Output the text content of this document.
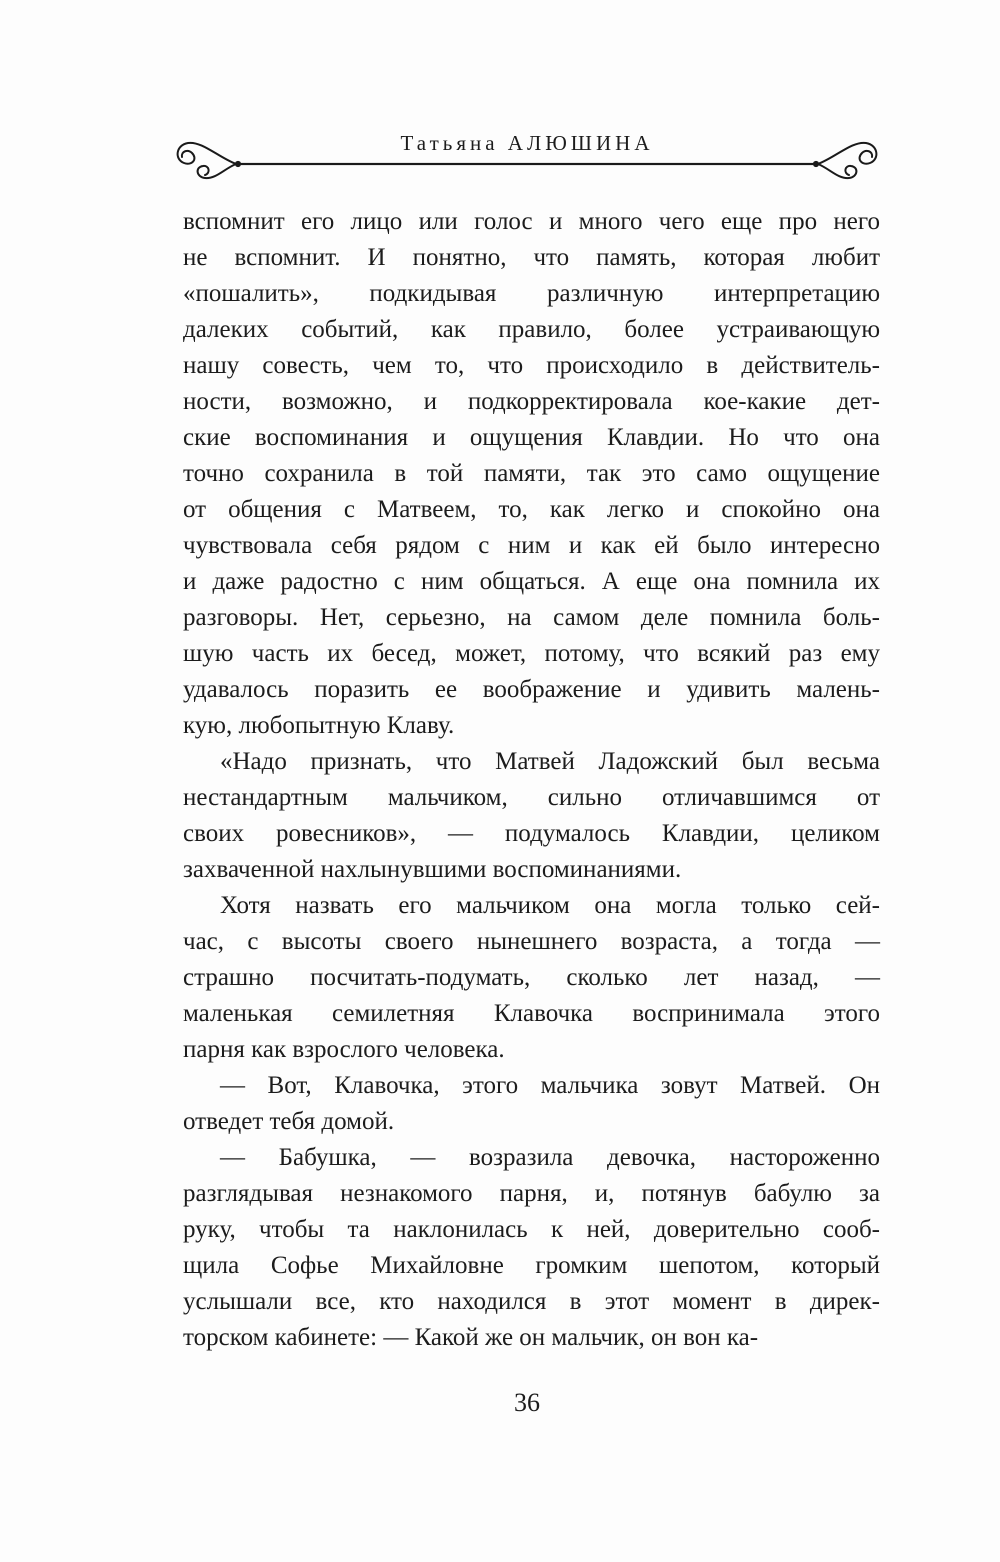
Татьяна АЛЮШИНА
вспомнит его лицо или голос и много чего еще про него
не вспомнит. И понятно, что память, которая любит
«пошалить», подкидывая различную интерпретацию
далеких событий, как правило, более устраивающую
нашу совесть, чем то, что происходило в действитель-
ности, возможно, и подкорректировала кое-какие дет-
ские воспоминания и ощущения Клавдии. Но что она
точно сохранила в той памяти, так это само ощущение
от общения с Матвеем, то, как легко и спокойно она
чувствовала себя рядом с ним и как ей было интересно
и даже радостно с ним общаться. А еще она помнила их
разговоры. Нет, серьезно, на самом деле помнила боль-
шую часть их бесед, может, потому, что всякий раз ему
удавалось поразить ее воображение и удивить малень-
кую, любопытную Клаву.
«Надо признать, что Матвей Ладожский был весьма
нестандартным мальчиком, сильно отличавшимся от
своих ровесников», — подумалось Клавдии, целиком
захваченной нахлынувшими воспоминаниями.
Хотя назвать его мальчиком она могла только сей-
час, с высоты своего нынешнего возраста, а тогда —
страшно посчитать-подумать, сколько лет назад, —
маленькая семилетняя Клавочка воспринимала этого
парня как взрослого человека.
— Вот, Клавочка, этого мальчика зовут Матвей. Он
отведет тебя домой.
— Бабушка, — возразила девочка, настороженно
разглядывая незнакомого парня, и, потянув бабулю за
руку, чтобы та наклонилась к ней, доверительно сооб-
щила Софье Михайловне громким шепотом, который
услышали все, кто находился в этот момент в дирек-
торском кабинете: — Какой же он мальчик, он вон ка-
36
